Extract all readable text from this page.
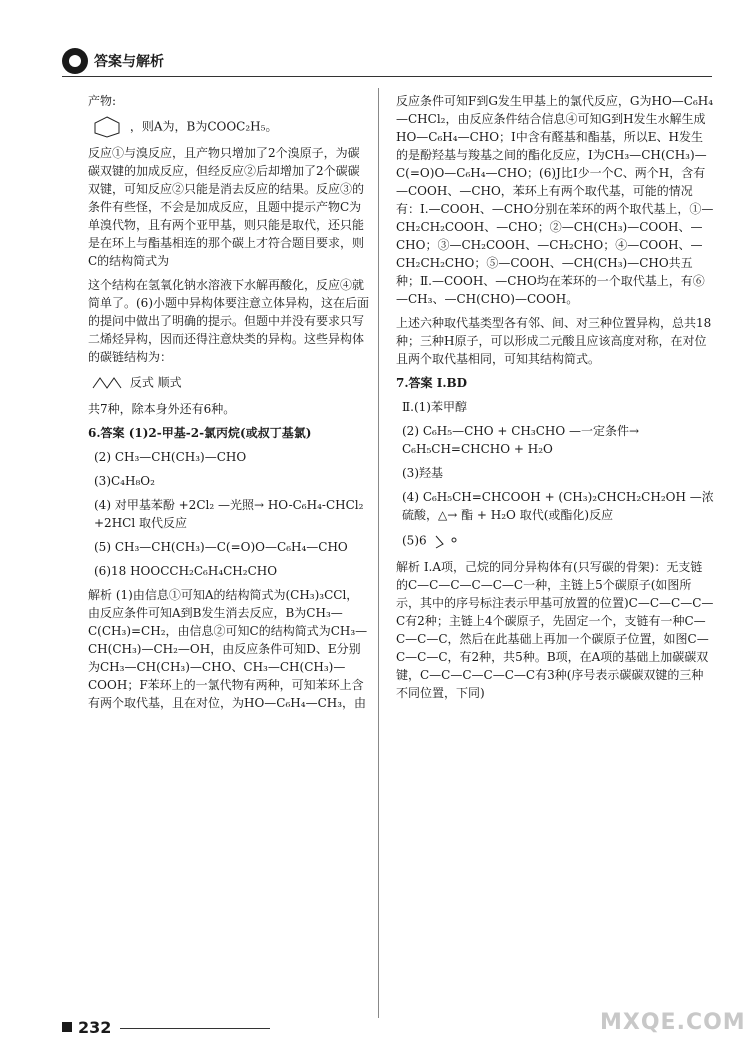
答案与解析

产物:

，则A为，B为COOC₂H₅。

反应①与溴反应，且产物只增加了2个溴原子，为碳碳双键的加成反应，但经反应②后却增加了2个碳碳双键，可知反应②只能是消去反应的结果。反应③的条件有些怪，不会是加成反应，且题中提示产物C为单溴代物，且有两个亚甲基，则只能是取代，还只能是在环上与酯基相连的那个碳上才符合题目要求，则C的结构简式为

这个结构在氢氧化钠水溶液下水解再酸化，反应④就简单了。(6)小题中异构体要注意立体异构，这在后面的提问中做出了明确的提示。但题中并没有要求只写二烯烃异构，因而还得注意炔类的异构。这些异构体的碳链结构为：

反式 顺式

共7种，除本身外还有6种。

6.答案 (1)2-甲基-2-氯丙烷(或叔丁基氯)
(2) CH₃—CH(CH₃)—CHO
(3)C₄H₈O₂
(4) 对甲基苯酚 +2Cl₂ —光照→ HO-C₆H₄-CHCl₂ +2HCl 取代反应
(5) CH₃—CH(CH₃)—C(=O)O—C₆H₄—CHO
(6)18 HOOCCH₂C₆H₄CH₂CHO

解析 (1)由信息①可知A的结构简式为(CH₃)₃CCl，由反应条件可知A到B发生消去反应，B为CH₃—C(CH₃)=CH₂，由信息②可知C的结构简式为CH₃—CH(CH₃)—CH₂—OH，由反应条件可知D、E分别为CH₃—CH(CH₃)—CHO、CH₃—CH(CH₃)—COOH；F苯环上的一氯代物有两种，可知苯环上含有两个取代基，且在对位，为HO—C₆H₄—CH₃，由

反应条件可知F到G发生甲基上的氯代反应，G为HO—C₆H₄—CHCl₂，由反应条件结合信息④可知G到H发生水解生成HO—C₆H₄—CHO；I中含有醛基和酯基，所以E、H发生的是酚羟基与羧基之间的酯化反应，I为CH₃—CH(CH₃)—C(=O)O—C₆H₄—CHO；(6)J比I少一个C、两个H，含有—COOH、—CHO，苯环上有两个取代基，可能的情况有：Ⅰ.—COOH、—CHO分别在苯环的两个取代基上，①—CH₂CH₂COOH、—CHO；②—CH(CH₃)—COOH、—CHO；③—CH₂COOH、—CH₂CHO；④—COOH、—CH₂CH₂CHO；⑤—COOH、—CH(CH₃)—CHO共五种；Ⅱ.—COOH、—CHO均在苯环的一个取代基上，有⑥—CH₃、—CH(CHO)—COOH。

上述六种取代基类型各有邻、间、对三种位置异构，总共18种；三种H原子，可以形成二元酸且应该高度对称，在对位且两个取代基相同，可知其结构简式。

7.答案 Ⅰ.BD
Ⅱ.(1)苯甲醇
(2) C₆H₅—CHO + CH₃CHO —一定条件→ C₆H₅CH=CHCHO + H₂O
(3)羟基
(4) C₆H₅CH=CHCOOH + (CH₃)₂CHCH₂CH₂OH —浓硫酸，△→ 酯 + H₂O 取代(或酯化)反应
(5)6

解析 Ⅰ.A项，己烷的同分异构体有(只写碳的骨架)：无支链的C—C—C—C—C—C一种，主链上5个碳原子(如图所示，其中的序号标注表示甲基可放置的位置)C—C—C—C—C有2种；主链上4个碳原子，先固定一个，支链有一种C—C—C—C，然后在此基础上再加一个碳原子位置，如图C—C—C—C，有2种，共5种。B项，在A项的基础上加碳碳双键，C—C—C—C—C—C有3种(序号表示碳碳双键的三种不同位置，下同)

232	MXQE.COM
